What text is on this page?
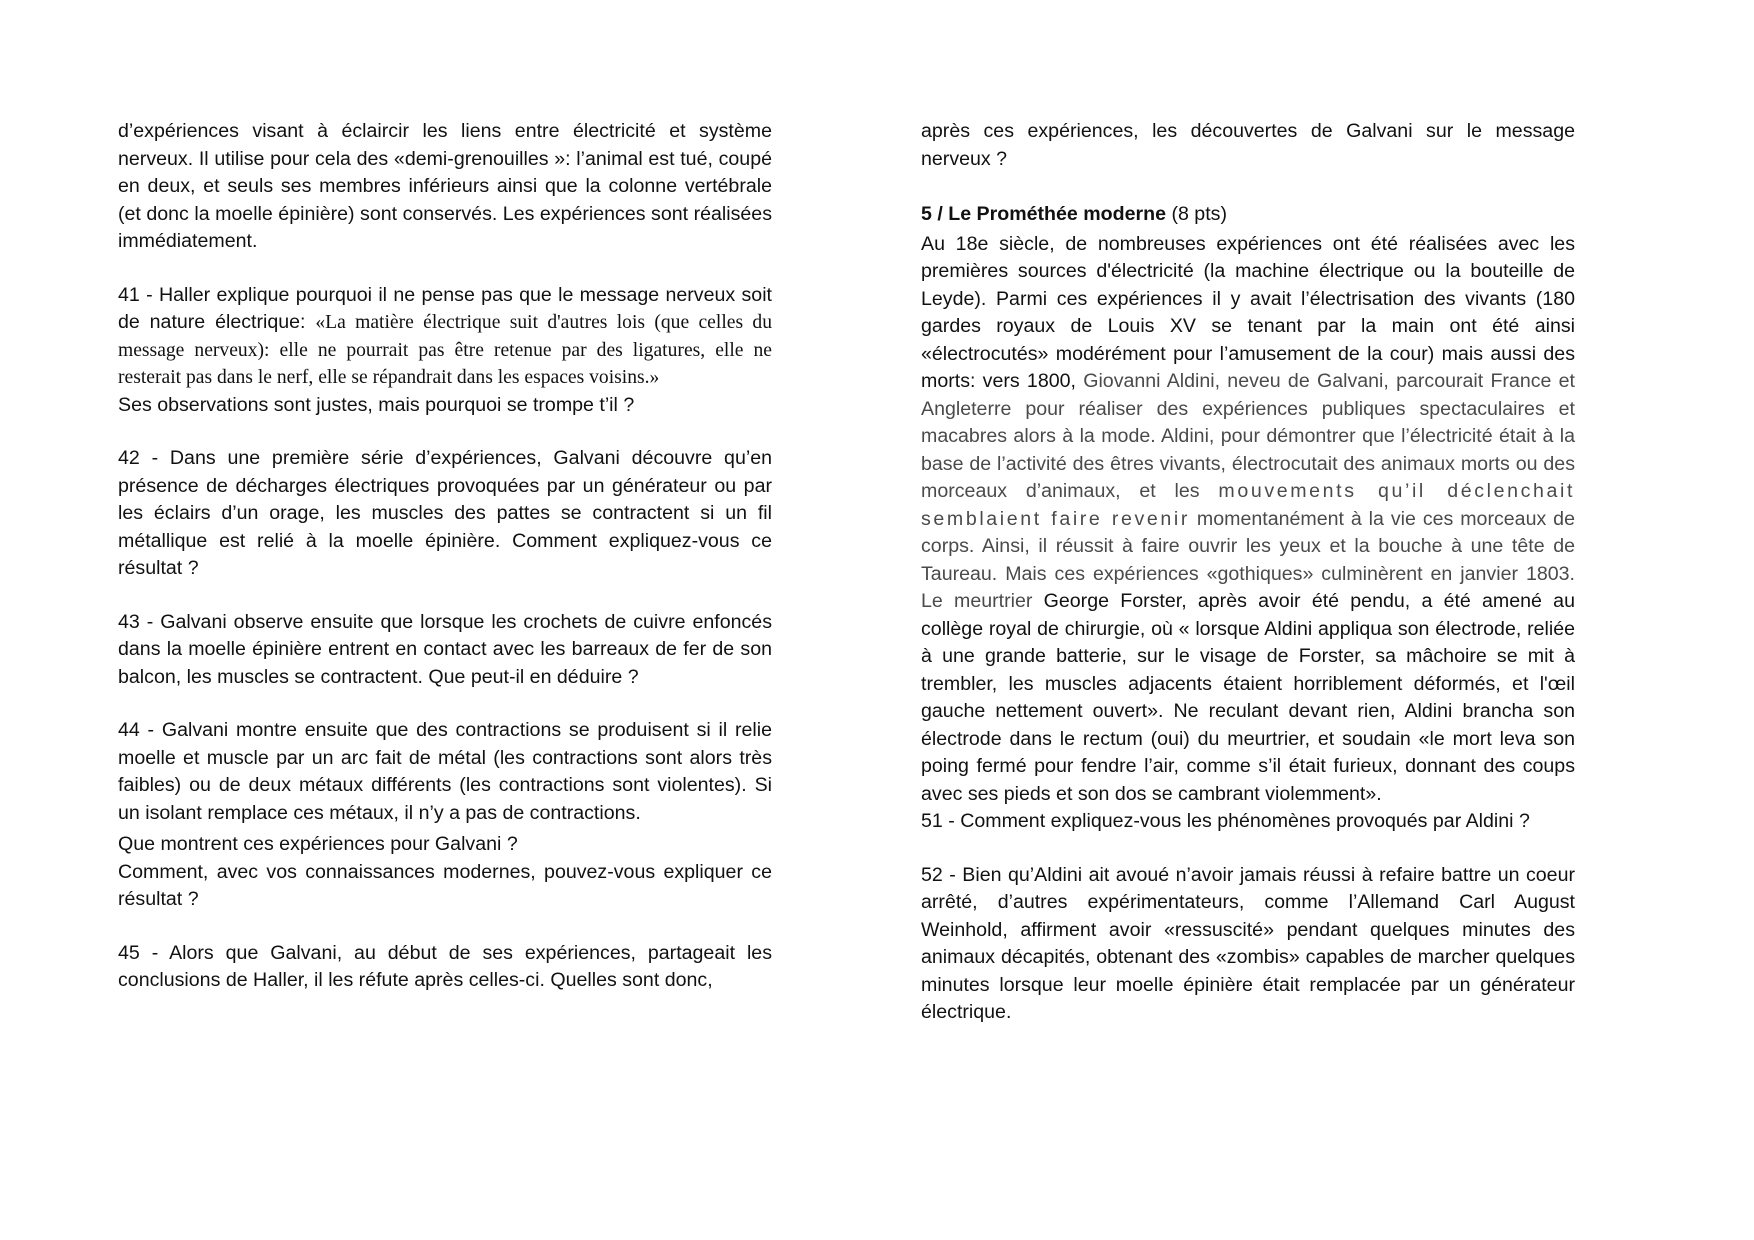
d’expériences visant à éclaircir les liens entre électricité et système nerveux. Il utilise pour cela des «demi-grenouilles »: l’animal est tué, coupé en deux, et seuls ses membres inférieurs ainsi que la colonne vertébrale (et donc la moelle épinière) sont conservés. Les expériences sont réalisées immédiatement.

41 - Haller explique pourquoi il ne pense pas que le message nerveux soit de nature électrique: «La matière électrique suit d'autres lois (que celles du message nerveux): elle ne pourrait pas être retenue par des ligatures, elle ne resterait pas dans le nerf, elle se répandrait dans les espaces voisins.»

Ses observations sont justes, mais pourquoi se trompe t’il ?

42 - Dans une première série d’expériences, Galvani découvre qu’en présence de décharges électriques provoquées par un générateur ou par les éclairs d’un orage, les muscles des pattes se contractent si un fil métallique est relié à la moelle épinière. Comment expliquez-vous ce résultat ?

43 - Galvani observe ensuite que lorsque les crochets de cuivre enfoncés dans la moelle épinière entrent en contact avec les barreaux de fer de son balcon, les muscles se contractent. Que peut-il en déduire ?

44 - Galvani montre ensuite que des contractions se produisent si il relie moelle et muscle par un arc fait de métal (les contractions sont alors très faibles) ou de deux métaux différents (les contractions sont violentes). Si un isolant remplace ces métaux, il n’y a pas de contractions.

Que montrent ces expériences pour Galvani ?

Comment, avec vos connaissances modernes, pouvez-vous expliquer ce résultat ?

45 - Alors que Galvani, au début de ses expériences, partageait les conclusions de Haller, il les réfute après celles-ci. Quelles sont donc,

après ces expériences, les découvertes de Galvani sur le message nerveux ?

5 / Le Prométhée moderne (8 pts)

Au 18e siècle, de nombreuses expériences ont été réalisées avec les premières sources d'électricité (la machine électrique ou la bouteille de Leyde). Parmi ces expériences il y avait l’électrisation des vivants (180 gardes royaux de Louis XV se tenant par la main ont été ainsi «électrocutés» modérément pour l’amusement de la cour) mais aussi des morts: vers 1800, Giovanni Aldini, neveu de Galvani, parcourait France et Angleterre pour réaliser des expériences publiques spectaculaires et macabres alors à la mode. Aldini, pour démontrer que l’électricité était à la base de l’activité des êtres vivants, électrocutait des animaux morts ou des morceaux d’animaux, et les mouvements qu’il déclenchait semblaient faire revenir momentanément à la vie ces morceaux de corps. Ainsi, il réussit à faire ouvrir les yeux et la bouche à une tête de Taureau. Mais ces expériences «gothiques» culminèrent en janvier 1803. Le meurtrier George Forster, après avoir été pendu, a été amené au collège royal de chirurgie, où « lorsque Aldini appliqua son électrode, reliée à une grande batterie, sur le visage de Forster, sa mâchoire se mit à trembler, les muscles adjacents étaient horriblement déformés, et l'œil gauche nettement ouvert». Ne reculant devant rien, Aldini brancha son électrode dans le rectum (oui) du meurtrier, et soudain «le mort leva son poing fermé pour fendre l’air, comme s’il était furieux, donnant des coups avec ses pieds et son dos se cambrant violemment».

51 - Comment expliquez-vous les phénomènes provoqués par Aldini ?

52 - Bien qu’Aldini ait avoué n’avoir jamais réussi à refaire battre un coeur arrêté, d’autres expérimentateurs, comme l’Allemand Carl August Weinhold, affirment avoir «ressuscité» pendant quelques minutes des animaux décapités, obtenant des «zombis» capables de marcher quelques minutes lorsque leur moelle épinière était remplacée par un générateur électrique.
